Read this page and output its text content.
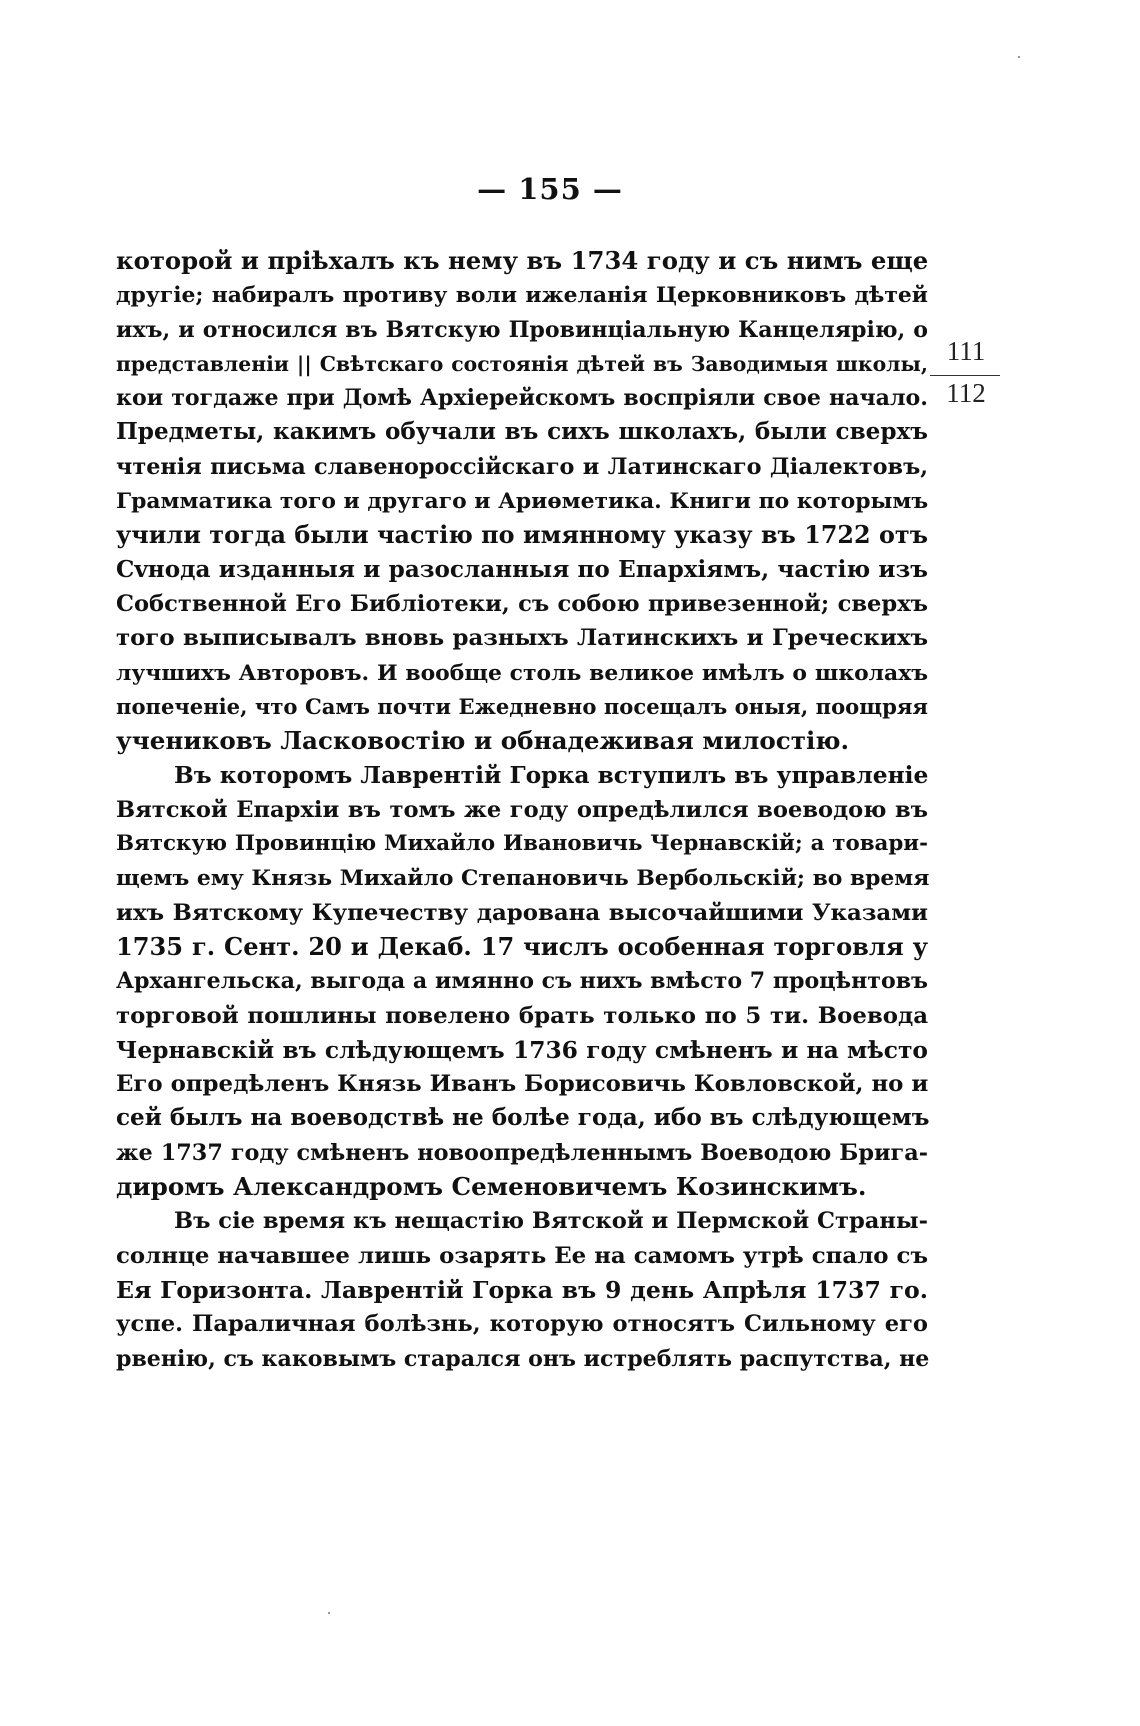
— 155 —
111
112
которой и пріѣхалъ къ нему въ 1734 году и съ нимъ еще
другіе; набиралъ противу воли ижеланія Церковниковъ дѣтей
ихъ, и относился въ Вятскую Провинціальную Канцелярію, о
представленіи || Свѣтскаго состоянія дѣтей въ Заводимыя школы,
кои тогдаже при Домѣ Архіерейскомъ воспріяли свое начало.
Предметы, какимъ обучали въ сихъ школахъ, были сверхъ
чтенія письма славенороссійскаго и Латинскаго Діалектовъ,
Грамматика того и другаго и Ариѳметика. Книги по которымъ
учили тогда были частію по имянному указу въ 1722 отъ
Сvнода изданныя и разосланныя по Епархіямъ, частію изъ
Собственной Его Библіотеки, съ собою привезенной; сверхъ
того выписывалъ вновь разныхъ Латинскихъ и Греческихъ
лучшихъ Авторовъ. И вообще столь великое имѣлъ о школахъ
попеченіе, что Самъ почти Ежедневно посещалъ оныя, поощряя
учениковъ Ласковостію и обнадеживая милостію.
Въ которомъ Лаврентій Горка вступилъ въ управленіе
Вятской Епархіи въ томъ же году опредѣлился воеводою въ
Вятскую Провинцію Михайло Ивановичь Чернавскій; а товари-
щемъ ему Князь Михайло Степановичь Вербольскій; во время
ихъ Вятскому Купечеству дарована высочайшими Указами
1735 г. Сент. 20 и Декаб. 17 числъ особенная торговля у
Архангельска, выгода а имянно съ нихъ вмѣсто 7 процѣнтовъ
торговой пошлины повелено брать только по 5 ти. Воевода
Чернавскій въ слѣдующемъ 1736 году смѣненъ и на мѣсто
Его опредѣленъ Князь Иванъ Борисовичь Ковловской, но и
сей былъ на воеводствѣ не болѣе года, ибо въ слѣдующемъ
же 1737 году смѣненъ новоопредѣленнымъ Воеводою Брига-
диромъ Александромъ Семеновичемъ Козинскимъ.
Въ сіе время къ нещастію Вятской и Пермской Страны-
солнце начавшее лишь озарять Ее на самомъ утрѣ спало съ
Ея Горизонта. Лаврентій Горка въ 9 день Апрѣля 1737 го.
успе. Параличная болѣзнь, которую относятъ Сильному его
рвенію, съ каковымъ старался онъ истреблять распутства, не
